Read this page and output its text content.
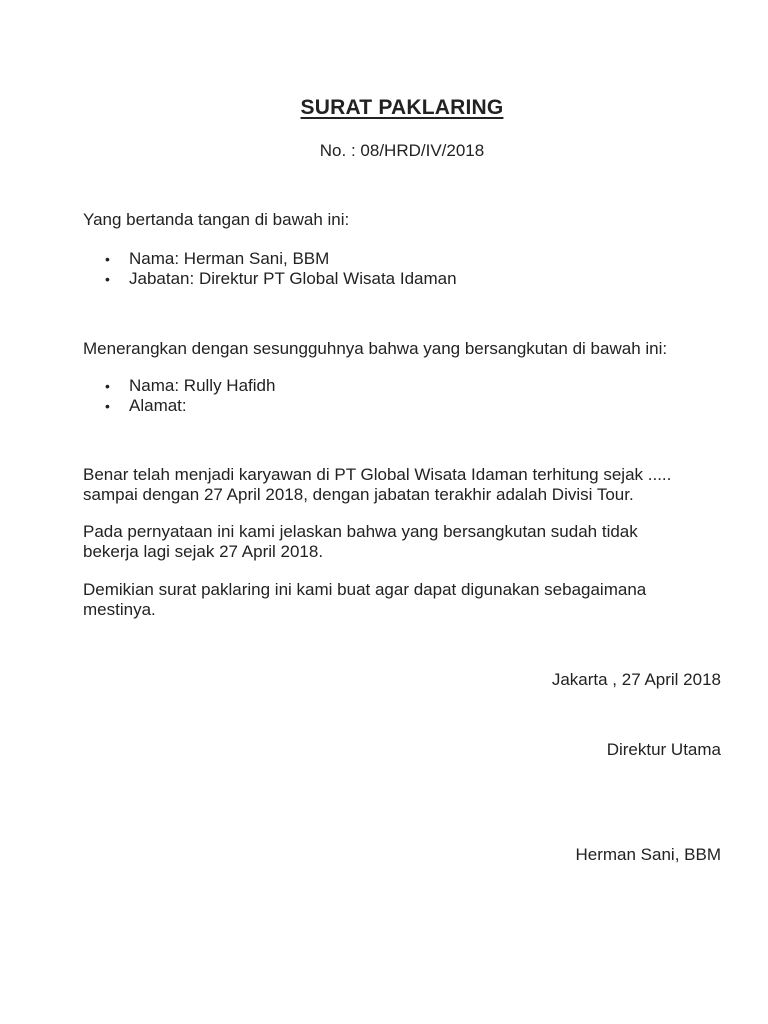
SURAT PAKLARING
No. : 08/HRD/IV/2018

Yang bertanda tangan di bawah ini:

• Nama: Herman Sani, BBM
• Jabatan: Direktur PT Global Wisata Idaman

Menerangkan dengan sesungguhnya bahwa yang bersangkutan di bawah ini:

• Nama: Rully Hafidh
• Alamat:
Benar telah menjadi karyawan di PT Global Wisata Idaman terhitung sejak .....
sampai dengan 27 April 2018, dengan jabatan terakhir adalah Divisi Tour.
Pada pernyataan ini kami jelaskan bahwa yang bersangkutan sudah tidak
bekerja lagi sejak 27 April 2018.
Demikian surat paklaring ini kami buat agar dapat digunakan sebagaimana
mestinya.
Jakarta , 27 April 2018
Direktur Utama
Herman Sani, BBM
